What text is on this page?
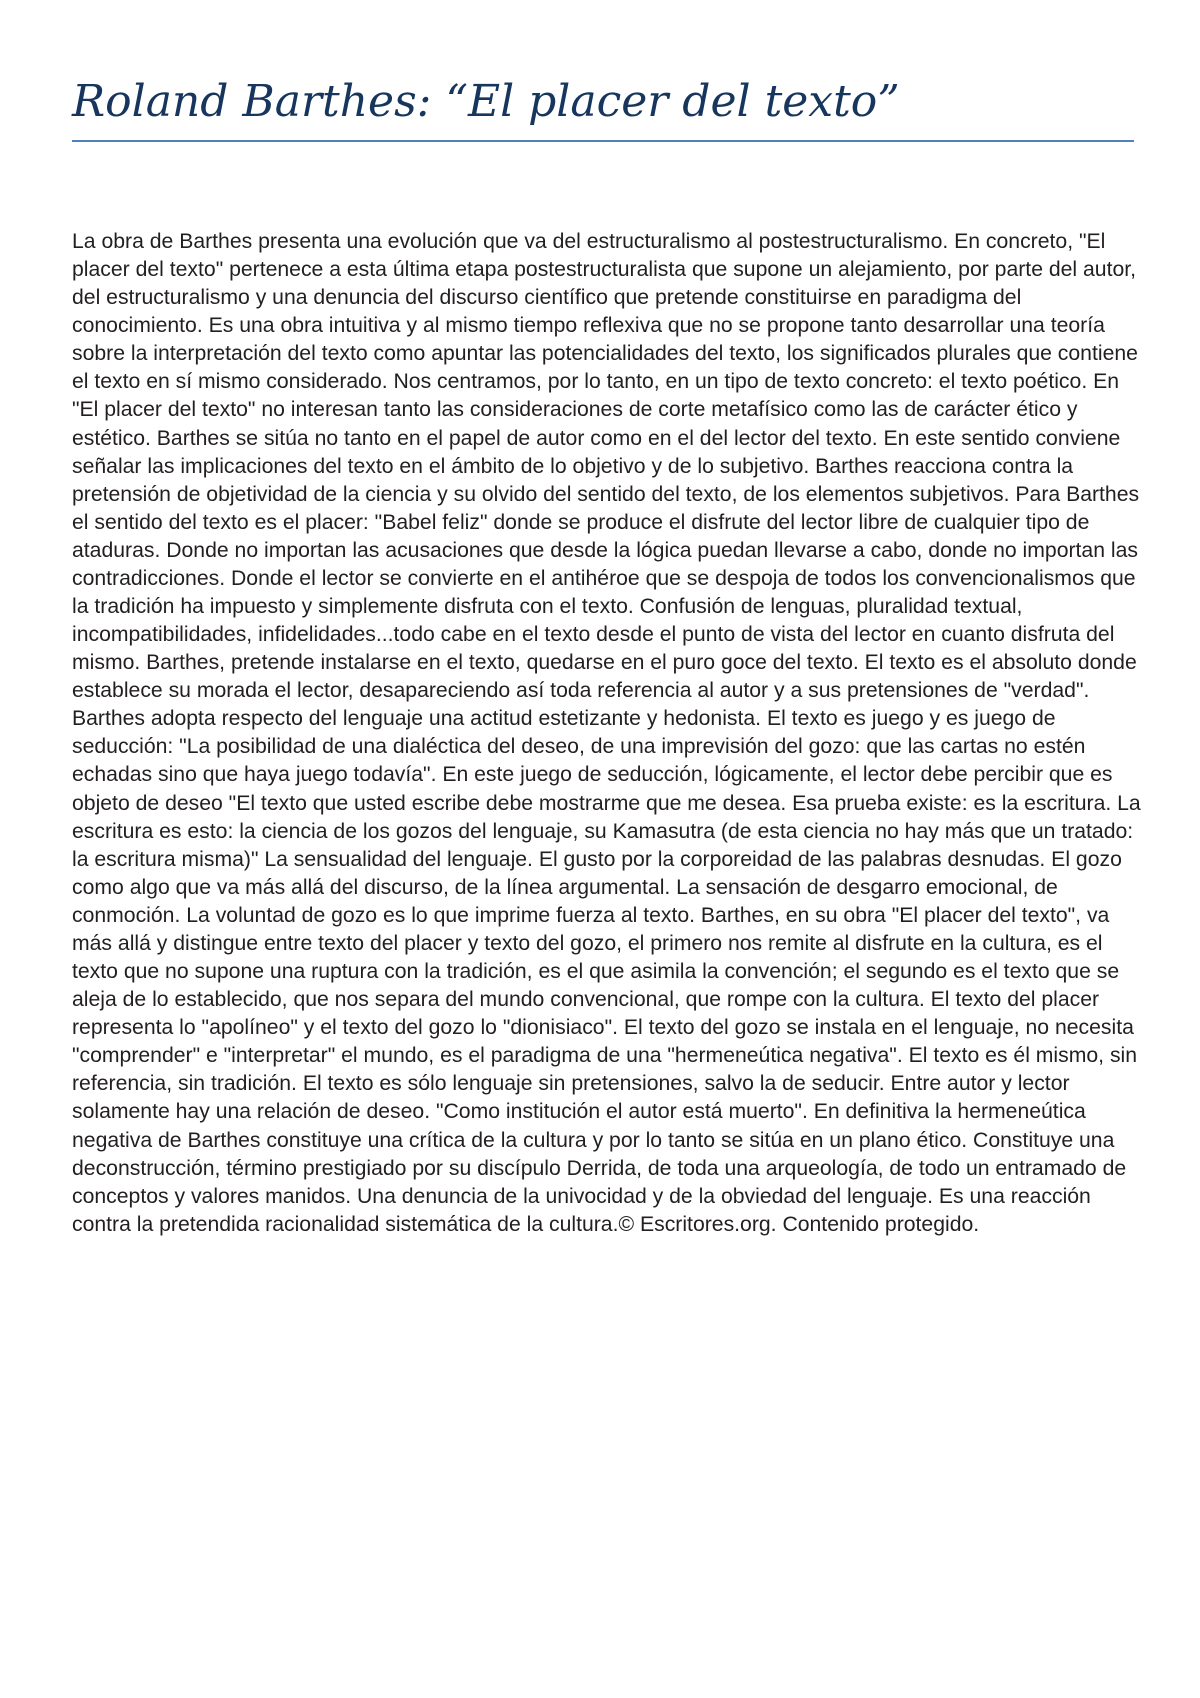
Roland Barthes: “El placer del texto”

La obra de Barthes presenta una evolución que va del estructuralismo al postestructuralismo. En concreto, "El placer del texto" pertenece a esta última etapa postestructuralista que supone un alejamiento, por parte del autor, del estructuralismo y una denuncia del discurso científico que pretende constituirse en paradigma del conocimiento. Es una obra intuitiva y al mismo tiempo reflexiva que no se propone tanto desarrollar una teoría sobre la interpretación del texto como apuntar las potencialidades del texto, los significados plurales que contiene el texto en sí mismo considerado. Nos centramos, por lo tanto, en un tipo de texto concreto: el texto poético. En "El placer del texto" no interesan tanto las consideraciones de corte metafísico como las de carácter ético y estético. Barthes se sitúa no tanto en el papel de autor como en el del lector del texto. En este sentido conviene señalar las implicaciones del texto en el ámbito de lo objetivo y de lo subjetivo. Barthes reacciona contra la pretensión de objetividad de la ciencia y su olvido del sentido del texto, de los elementos subjetivos. Para Barthes el sentido del texto es el placer: "Babel feliz" donde se produce el disfrute del lector libre de cualquier tipo de ataduras. Donde no importan las acusaciones que desde la lógica puedan llevarse a cabo, donde no importan las contradicciones. Donde el lector se convierte en el antihéroe que se despoja de todos los convencionalismos que la tradición ha impuesto y simplemente disfruta con el texto. Confusión de lenguas, pluralidad textual, incompatibilidades, infidelidades...todo cabe en el texto desde el punto de vista del lector en cuanto disfruta del mismo. Barthes, pretende instalarse en el texto, quedarse en el puro goce del texto. El texto es el absoluto donde establece su morada el lector, desapareciendo así toda referencia al autor y a sus pretensiones de "verdad". Barthes adopta respecto del lenguaje una actitud estetizante y hedonista. El texto es juego y es juego de seducción: "La posibilidad de una dialéctica del deseo, de una imprevisión del gozo: que las cartas no estén echadas sino que haya juego todavía". En este juego de seducción, lógicamente, el lector debe percibir que es objeto de deseo "El texto que usted escribe debe mostrarme que me desea. Esa prueba existe: es la escritura. La escritura es esto: la ciencia de los gozos del lenguaje, su Kamasutra (de esta ciencia no hay más que un tratado: la escritura misma)" La sensualidad del lenguaje. El gusto por la corporeidad de las palabras desnudas. El gozo como algo que va más allá del discurso, de la línea argumental. La sensación de desgarro emocional, de conmoción. La voluntad de gozo es lo que imprime fuerza al texto. Barthes, en su obra "El placer del texto", va más allá y distingue entre texto del placer y texto del gozo, el primero nos remite al disfrute en la cultura, es el texto que no supone una ruptura con la tradición, es el que asimila la convención; el segundo es el texto que se aleja de lo establecido, que nos separa del mundo convencional, que rompe con la cultura. El texto del placer representa lo "apolíneo" y el texto del gozo lo "dionisiaco". El texto del gozo se instala en el lenguaje, no necesita "comprender" e "interpretar" el mundo, es el paradigma de una "hermeneútica negativa". El texto es él mismo, sin referencia, sin tradición. El texto es sólo lenguaje sin pretensiones, salvo la de seducir. Entre autor y lector solamente hay una relación de deseo. "Como institución el autor está muerto". En definitiva la hermeneútica negativa de Barthes constituye una crítica de la cultura y por lo tanto se sitúa en un plano ético. Constituye una deconstrucción, término prestigiado por su discípulo Derrida, de toda una arqueología, de todo un entramado de conceptos y valores manidos. Una denuncia de la univocidad y de la obviedad del lenguaje. Es una reacción contra la pretendida racionalidad sistemática de la cultura.© Escritores.org. Contenido protegido.
